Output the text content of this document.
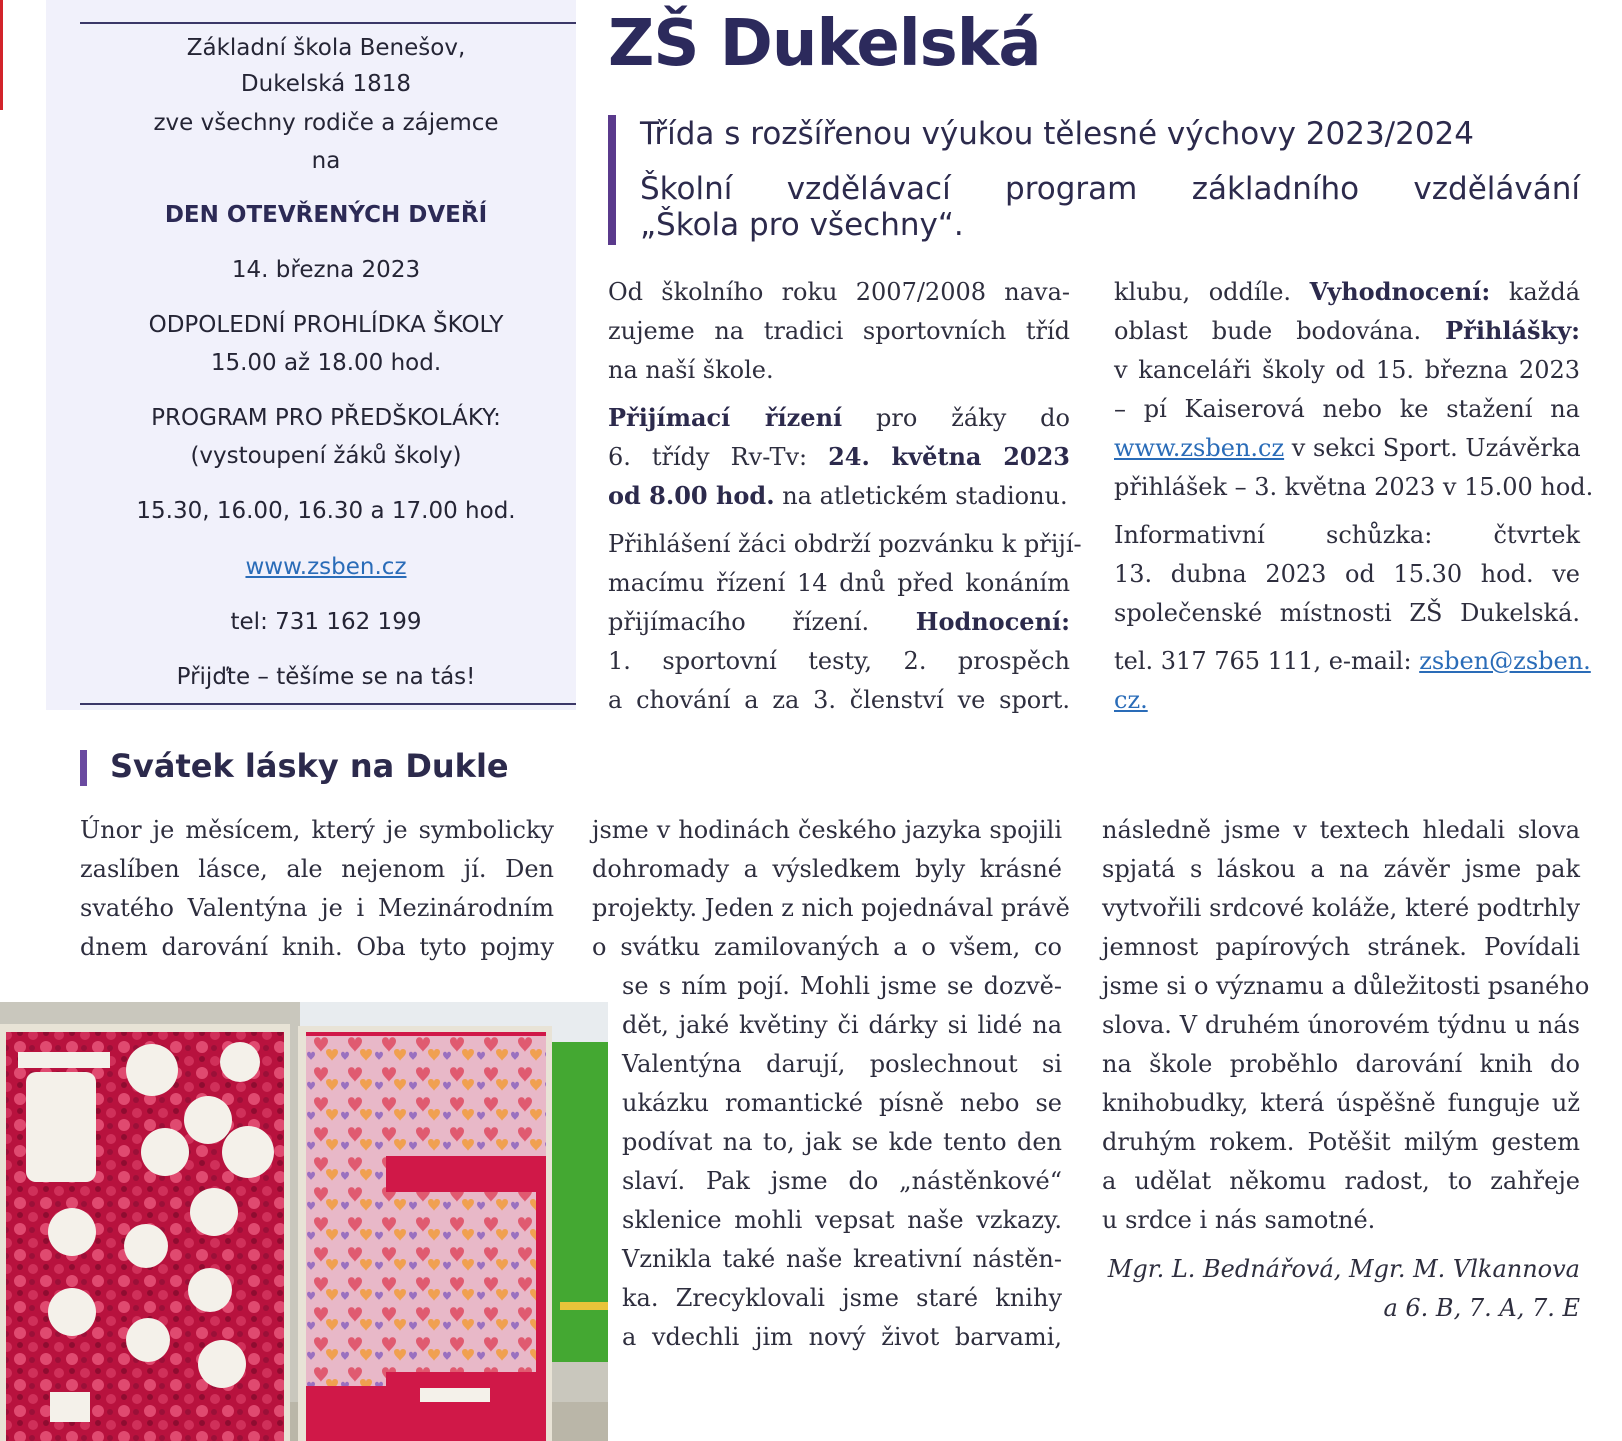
Základní škola Benešov,
Dukelská 1818
zve všechny rodiče a zájemce
na
DEN OTEVŘENÝCH DVEŘÍ
14. března 2023
ODPOLEDNÍ PROHLÍDKA ŠKOLY
15.00 až 18.00 hod.
PROGRAM PRO PŘEDŠKOLÁKY:
(vystoupení žáků školy)
15.30, 16.00, 16.30 a 17.00 hod.
www.zsben.cz
tel: 731 162 199
Přijďte – těšíme se na tás!
ZŠ Dukelská
Třída s rozšířenou výukou tělesné výchovy 2023/2024
Školní vzdělávací program základního vzdělávání
„Škola pro všechny“.
Od školního roku 2007/2008 nava-
zujeme na tradici sportovních tříd
na naší škole.
Přijímací řízení pro žáky do
6. třídy Rv-Tv: 24. května 2023
od 8.00 hod. na atletickém stadionu.
Přihlášení žáci obdrží pozvánku k přijí-
macímu řízení 14 dnů před konáním
přijímacího řízení. Hodnocení:
1. sportovní testy, 2. prospěch
a chování a za 3. členství ve sport.
klubu, oddíle. Vyhodnocení: každá
oblast bude bodována. Přihlášky:
v kanceláři školy od 15. března 2023
– pí Kaiserová nebo ke stažení na
www.zsben.cz v sekci Sport. Uzávěrka
přihlášek – 3. května 2023 v 15.00 hod.
Informativní schůzka: čtvrtek
13. dubna 2023 od 15.30 hod. ve
společenské místnosti ZŠ Dukelská.
tel. 317 765 111, e-mail: zsben@zsben.
cz.
Svátek lásky na Dukle
Únor je měsícem, který je symbolicky
zaslíben lásce, ale nejenom jí. Den
svatého Valentýna je i Mezinárodním
dnem darování knih. Oba tyto pojmy
jsme v hodinách českého jazyka spojili
dohromady a výsledkem byly krásné
projekty. Jeden z nich pojednával právě
o svátku zamilovaných a o všem, co
se s ním pojí. Mohli jsme se dozvě-
dět, jaké květiny či dárky si lidé na
Valentýna darují, poslechnout si
ukázku romantické písně nebo se
podívat na to, jak se kde tento den
slaví. Pak jsme do „nástěnkové“
sklenice mohli vepsat naše vzkazy.
Vznikla také naše kreativní nástěn-
ka. Zrecyklovali jsme staré knihy
a vdechli jim nový život barvami,
následně jsme v textech hledali slova
spjatá s láskou a na závěr jsme pak
vytvořili srdcové koláže, které podtrhly
jemnost papírových stránek. Povídali
jsme si o významu a důležitosti psaného
slova. V druhém únorovém týdnu u nás
na škole proběhlo darování knih do
knihobudky, která úspěšně funguje už
druhým rokem. Potěšit milým gestem
a udělat někomu radost, to zahřeje
u srdce i nás samotné.
Mgr. L. Bednářová, Mgr. M. Vlkannova
a 6. B, 7. A, 7. E
